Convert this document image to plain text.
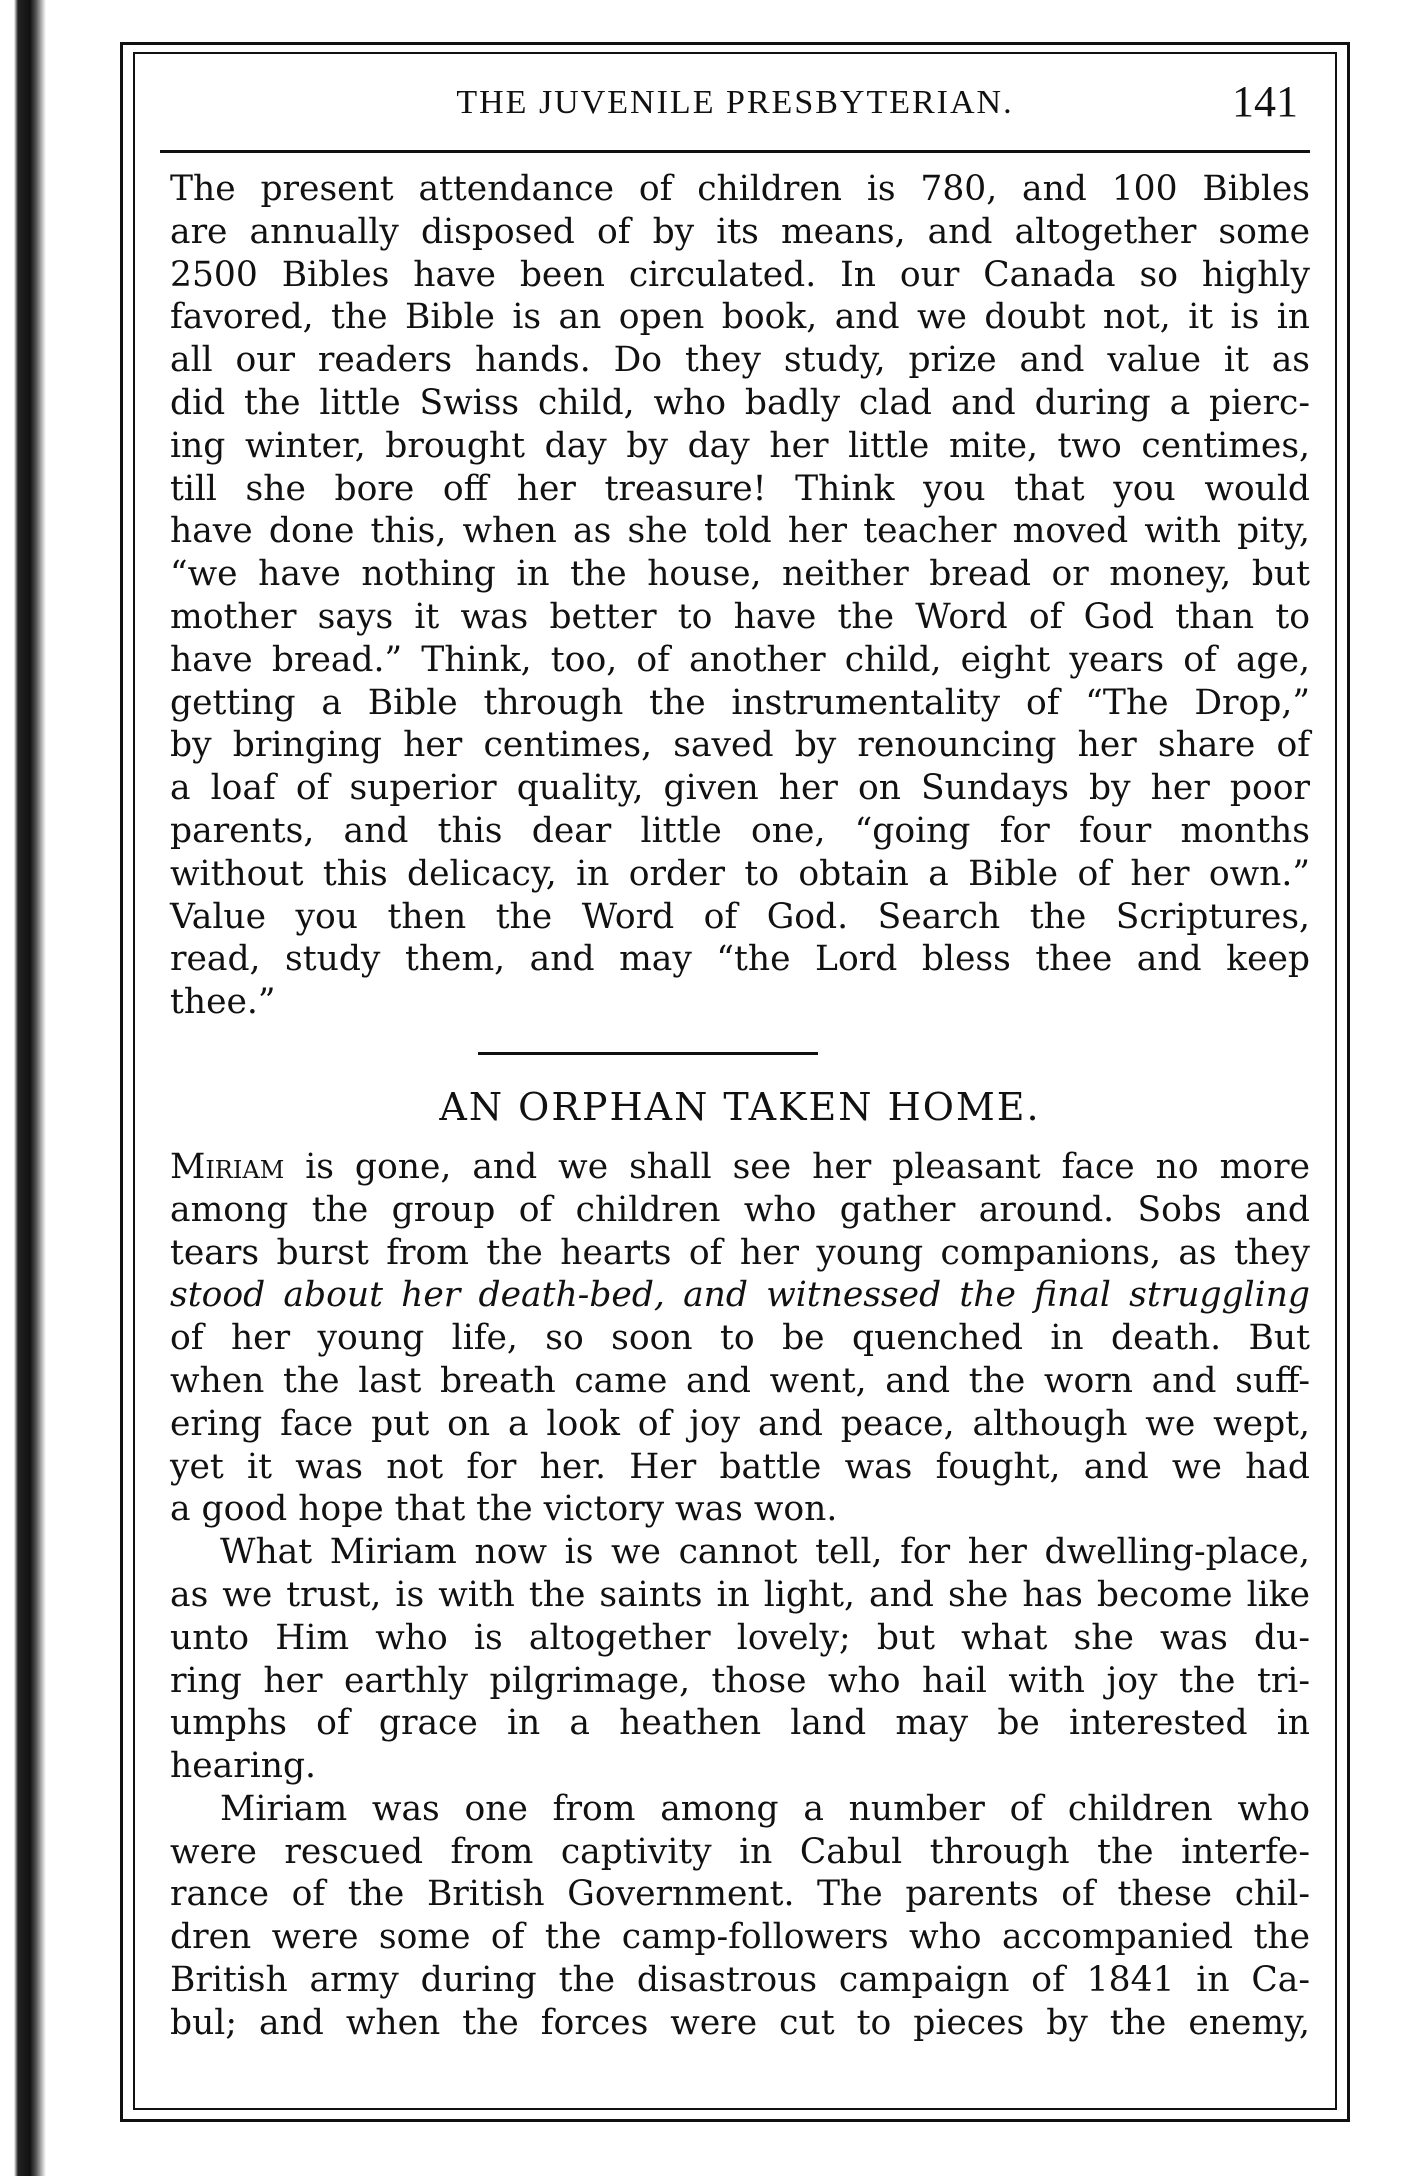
THE JUVENILE PRESBYTERIAN.	141
The present attendance of children is 780, and 100 Bibles
are annually disposed of by its means, and altogether some
2500 Bibles have been circulated. In our Canada so highly
favored, the Bible is an open book, and we doubt not, it is in
all our readers hands. Do they study, prize and value it as
did the little Swiss child, who badly clad and during a pierc-
ing winter, brought day by day her little mite, two centimes,
till she bore off her treasure! Think you that you would
have done this, when as she told her teacher moved with pity,
“we have nothing in the house, neither bread or money, but
mother says it was better to have the Word of God than to
have bread.” Think, too, of another child, eight years of age,
getting a Bible through the instrumentality of “The Drop,”
by bringing her centimes, saved by renouncing her share of
a loaf of superior quality, given her on Sundays by her poor
parents, and this dear little one, “going for four months
without this delicacy, in order to obtain a Bible of her own.”
Value you then the Word of God. Search the Scriptures,
read, study them, and may “the Lord bless thee and keep
thee.”
AN ORPHAN TAKEN HOME.
Miriam is gone, and we shall see her pleasant face no more
among the group of children who gather around. Sobs and
tears burst from the hearts of her young companions, as they
stood about her death-bed, and witnessed the final struggling
of her young life, so soon to be quenched in death. But
when the last breath came and went, and the worn and suff-
ering face put on a look of joy and peace, although we wept,
yet it was not for her. Her battle was fought, and we had
a good hope that the victory was won.
What Miriam now is we cannot tell, for her dwelling-place,
as we trust, is with the saints in light, and she has become like
unto Him who is altogether lovely; but what she was du-
ring her earthly pilgrimage, those who hail with joy the tri-
umphs of grace in a heathen land may be interested in
hearing.
Miriam was one from among a number of children who
were rescued from captivity in Cabul through the interfe-
rance of the British Government. The parents of these chil-
dren were some of the camp-followers who accompanied the
British army during the disastrous campaign of 1841 in Ca-
bul; and when the forces were cut to pieces by the enemy,
